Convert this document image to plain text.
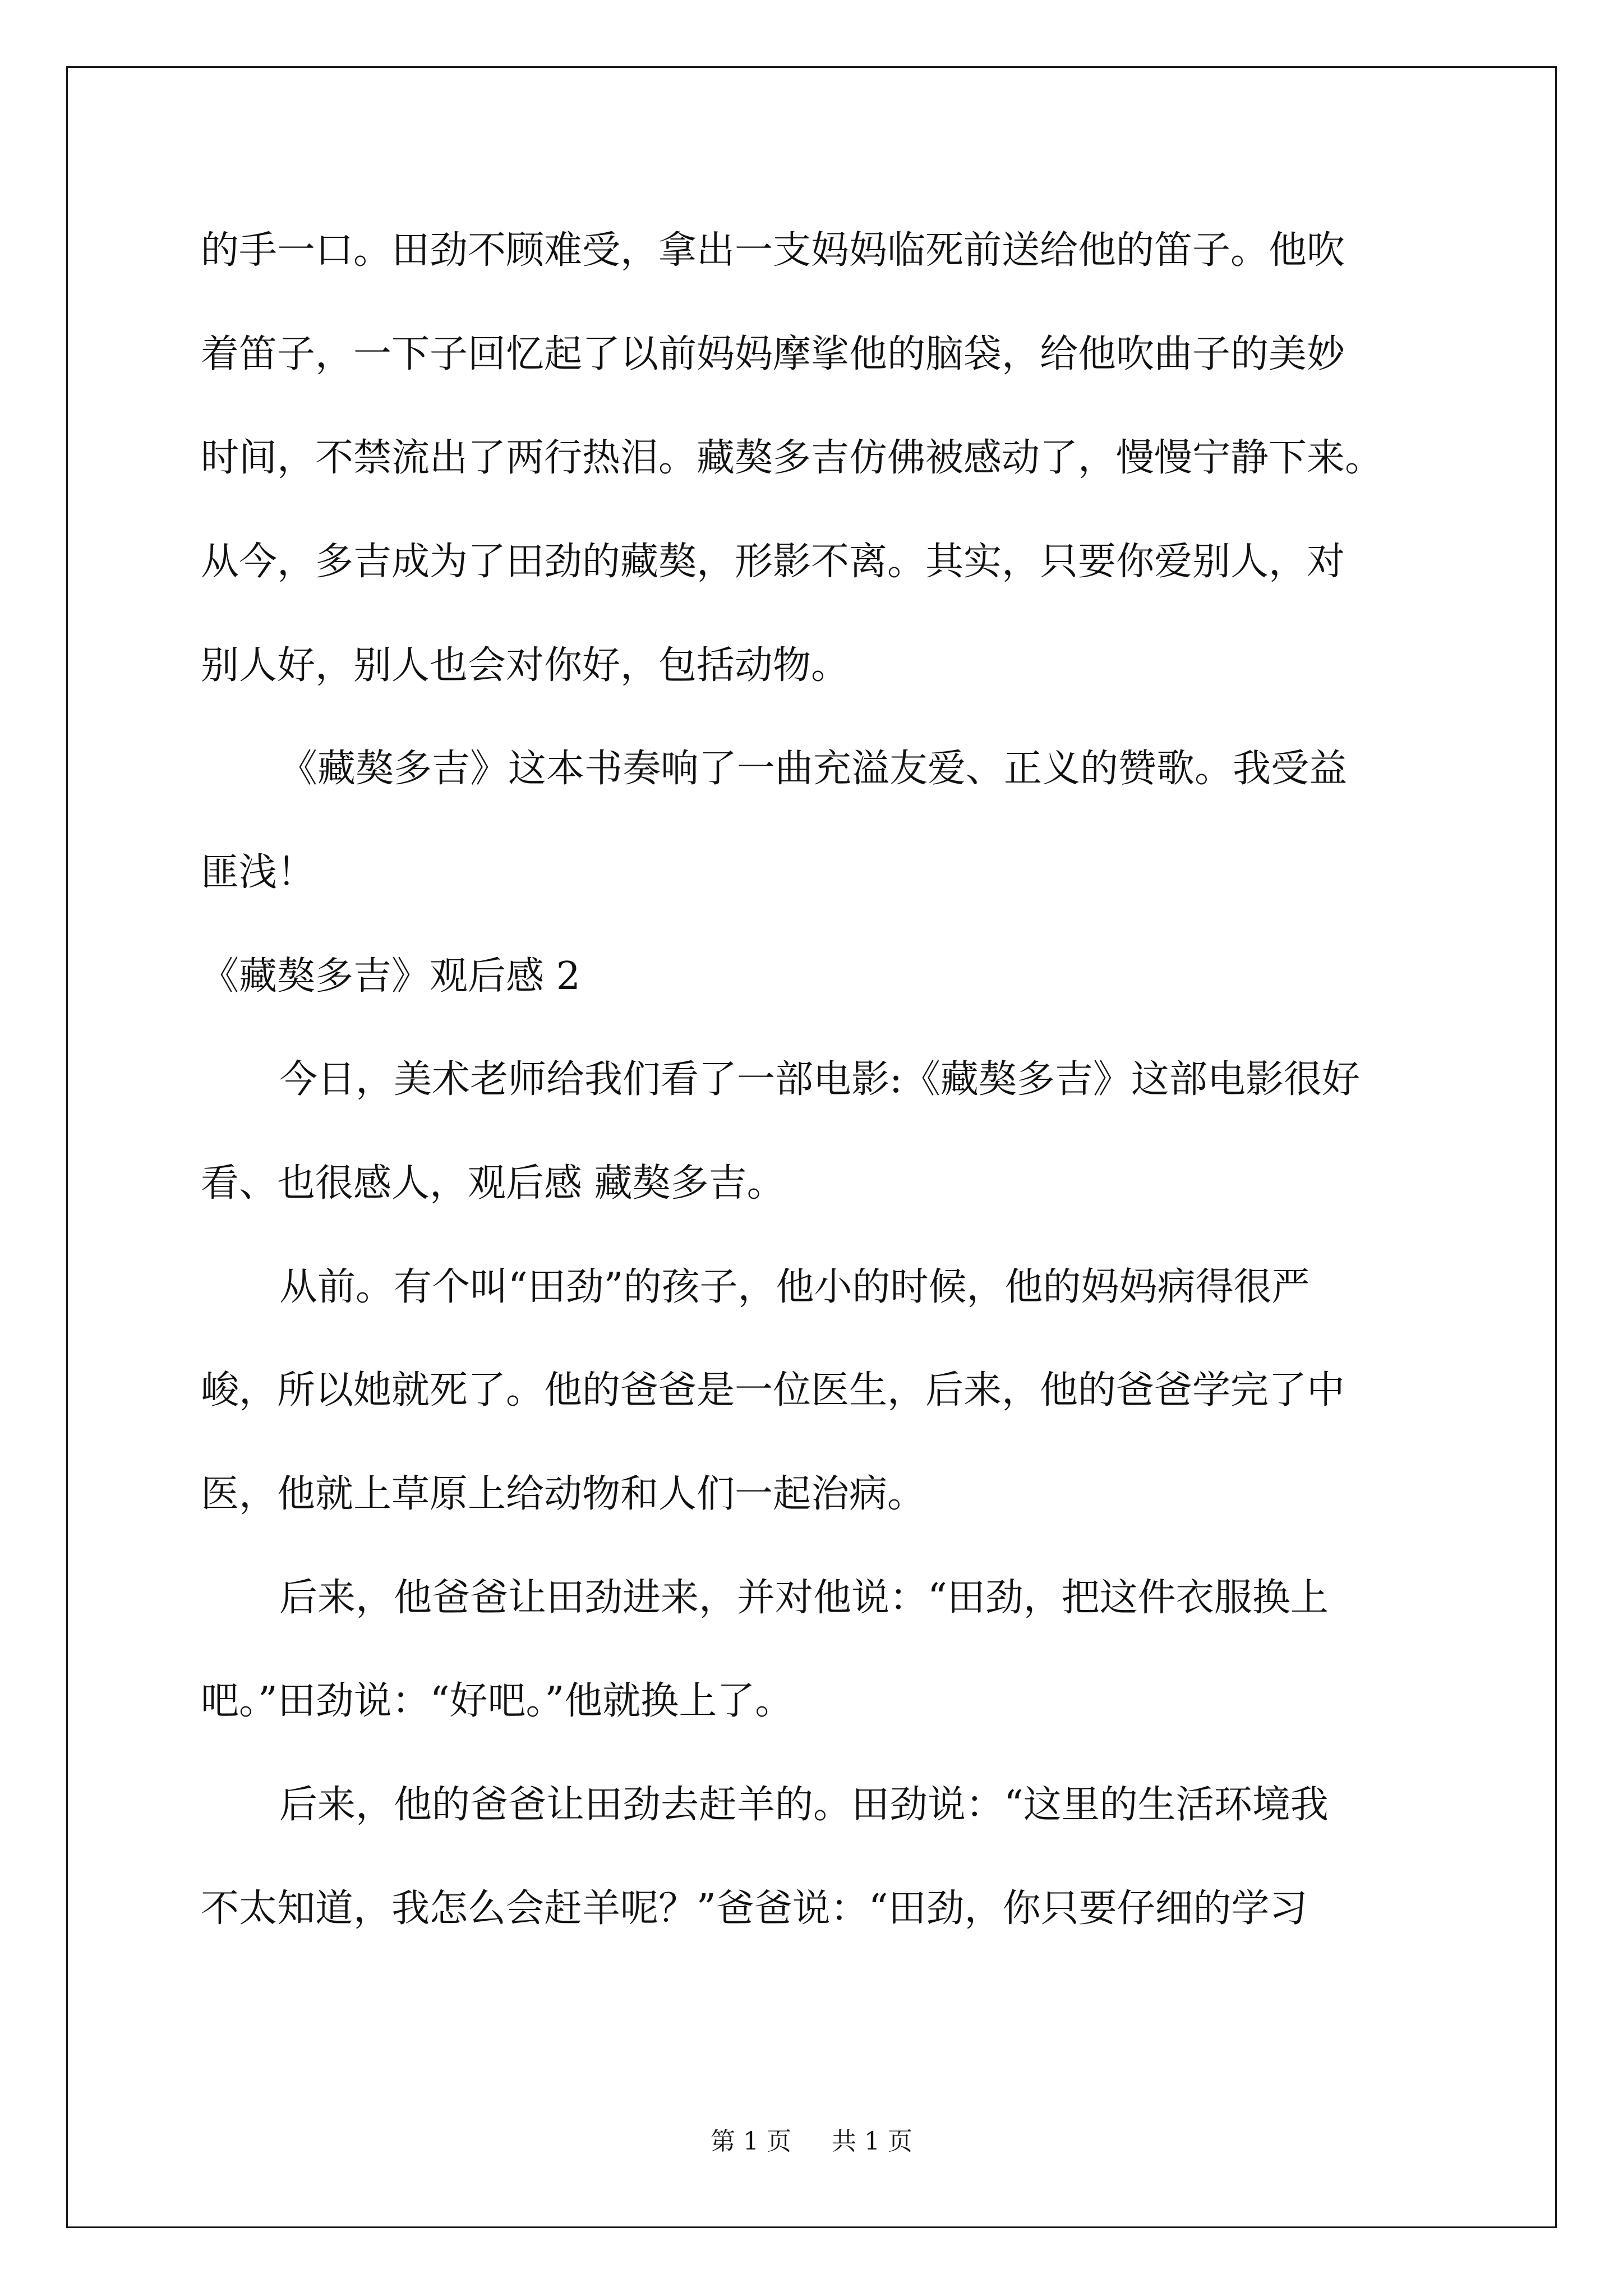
的手一口。田劲不顾难受，拿出一支妈妈临死前送给他的笛子。他吹

着笛子，一下子回忆起了以前妈妈摩挲他的脑袋，给他吹曲子的美妙

时间，不禁流出了两行热泪。藏獒多吉仿佛被感动了，慢慢宁静下来。

从今，多吉成为了田劲的藏獒，形影不离。其实，只要你爱别人，对

别人好，别人也会对你好，包括动物。

《藏獒多吉》这本书奏响了一曲充溢友爱、正义的赞歌。我受益

匪浅！

《藏獒多吉》观后感 2

今日，美术老师给我们看了一部电影:《藏獒多吉》这部电影很好

看、也很感人，观后感 藏獒多吉。

从前。有个叫“田劲”的孩子，他小的时候，他的妈妈病得很严

峻，所以她就死了。他的爸爸是一位医生，后来，他的爸爸学完了中

医，他就上草原上给动物和人们一起治病。

后来，他爸爸让田劲进来，并对他说：“田劲，把这件衣服换上

吧。”田劲说：“好吧。”他就换上了。

后来，他的爸爸让田劲去赶羊的。田劲说：“这里的生活环境我

不太知道，我怎么会赶羊呢？”爸爸说：“田劲，你只要仔细的学习

第 1 页 共 1 页
